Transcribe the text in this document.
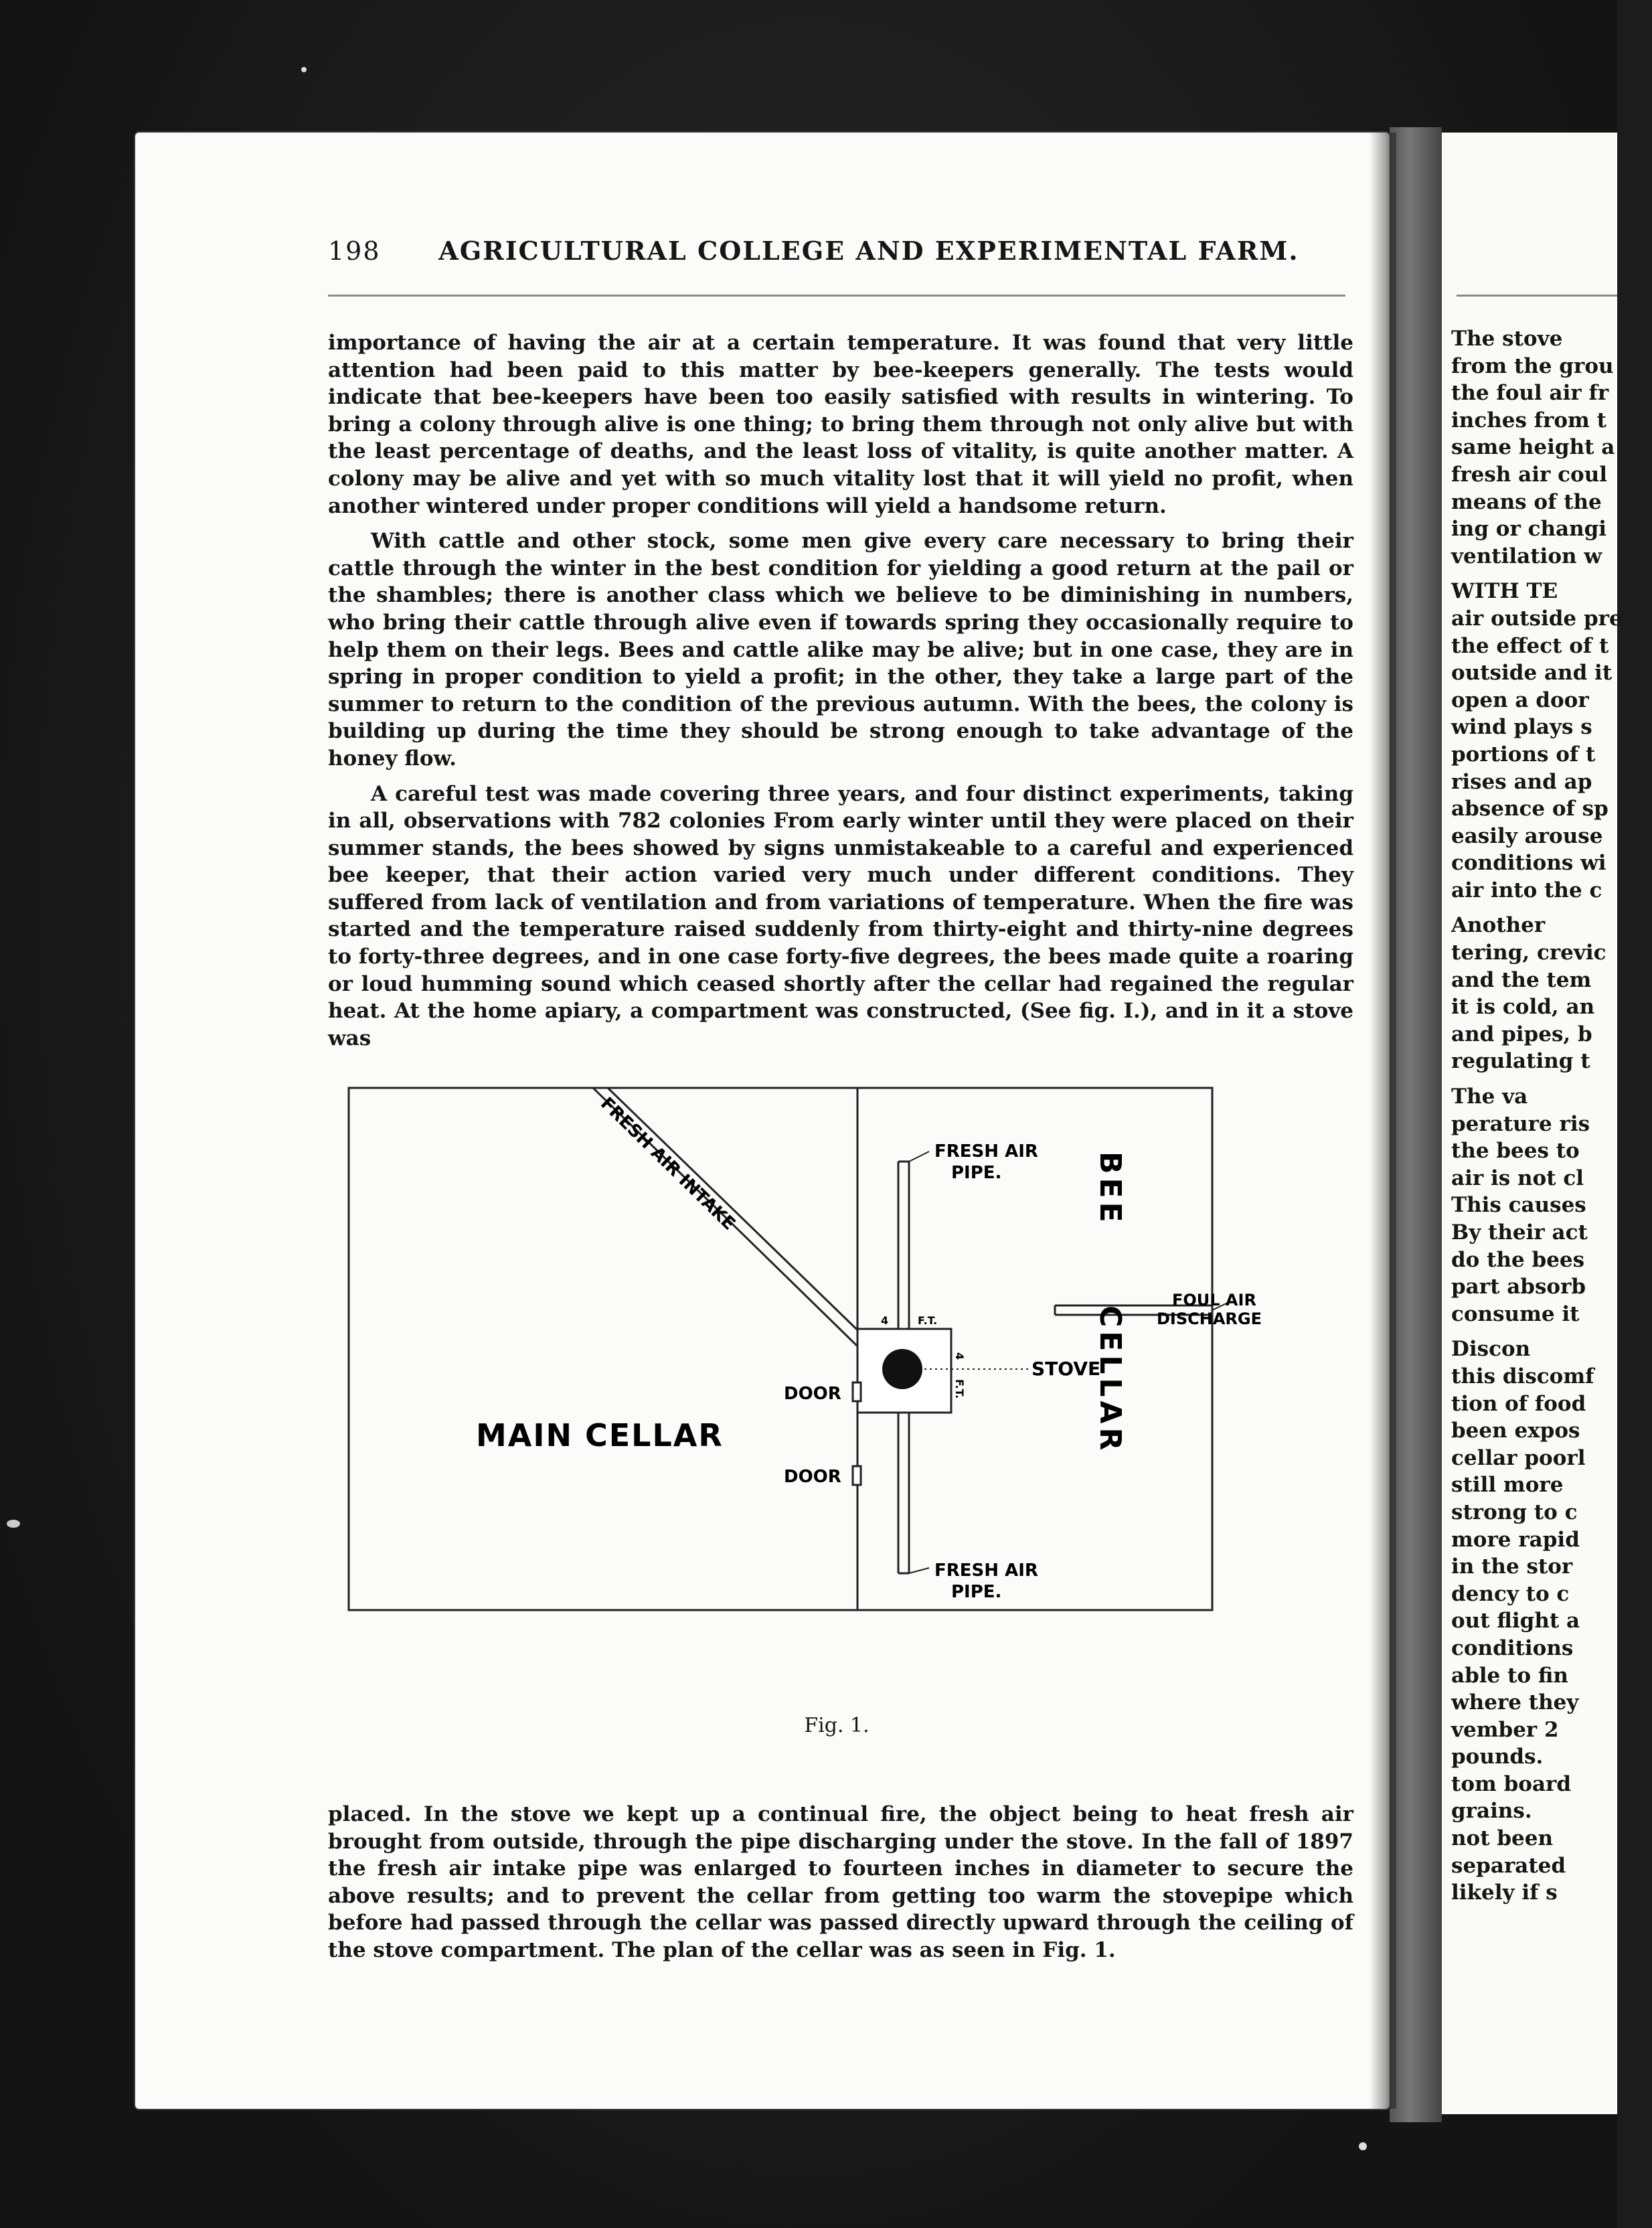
198 AGRICULTURAL COLLEGE AND EXPERIMENTAL FARM.

importance of having the air at a certain temperature. It was found that very little attention had been paid to this matter by bee-keepers generally. The tests would indicate that bee-keepers have been too easily satisfied with results in wintering. To bring a colony through alive is one thing; to bring them through not only alive but with the least percentage of deaths, and the least loss of vitality, is quite another matter. A colony may be alive and yet with so much vitality lost that it will yield no profit, when another wintered under proper conditions will yield a handsome return.

With cattle and other stock, some men give every care necessary to bring their cattle through the winter in the best condition for yielding a good return at the pail or the shambles; there is another class which we believe to be diminishing in numbers, who bring their cattle through alive even if towards spring they occasionally require to help them on their legs. Bees and cattle alike may be alive; but in one case, they are in spring in proper condition to yield a profit; in the other, they take a large part of the summer to return to the condition of the previous autumn. With the bees, the colony is building up during the time they should be strong enough to take advantage of the honey flow.

A careful test was made covering three years, and four distinct experiments, taking in all, observations with 782 colonies From early winter until they were placed on their summer stands, the bees showed by signs unmistakeable to a careful and experienced bee keeper, that their action varied very much under different conditions. They suffered from lack of ventilation and from variations of temperature. When the fire was started and the temperature raised suddenly from thirty-eight and thirty-nine degrees to forty-three degrees, and in one case forty-five degrees, the bees made quite a roaring or loud humming sound which ceased shortly after the cellar had regained the regular heat. At the home apiary, a compartment was constructed, (See fig. I.), and in it a stove was

FRESH AIR INTAKE	FRESH AIR
PIPE.
FRESH AIR
PIPE.
BEE
CELLAR
FOUL AIR
DISCHARGE
STOVE
DOOR
DOOR
MAIN CELLAR
4	F.T.
4
F.T.
Fig. 1.

placed. In the stove we kept up a continual fire, the object being to heat fresh air brought from outside, through the pipe discharging under the stove. In the fall of 1897 the fresh air intake pipe was enlarged to fourteen inches in diameter to secure the above results; and to prevent the cellar from getting too warm the stovepipe which before had passed through the cellar was passed directly upward through the ceiling of the stove compartment. The plan of the cellar was as seen in Fig. 1.

The stove
from the grou
the foul air fr
inches from t
same height a
fresh air coul
means of the
ing or changi
ventilation w
WITH TE
air outside pre
the effect of t
outside and it
open a door
wind plays s
portions of t
rises and ap
absence of sp
easily arouse
conditions wi
air into the c
Another
tering, crevic
and the tem
it is cold, an
and pipes, b
regulating t
The va
perature ris
the bees to
air is not cl
This causes
By their act
do the bees
part absorb
consume it
Discon
this discomf
tion of food
been expos
cellar poorl
still more
strong to c
more rapid
in the stor
dency to c
out flight a
conditions
able to fin
where they
vember 2
pounds.
tom board
grains.
not been
separated
likely if s
